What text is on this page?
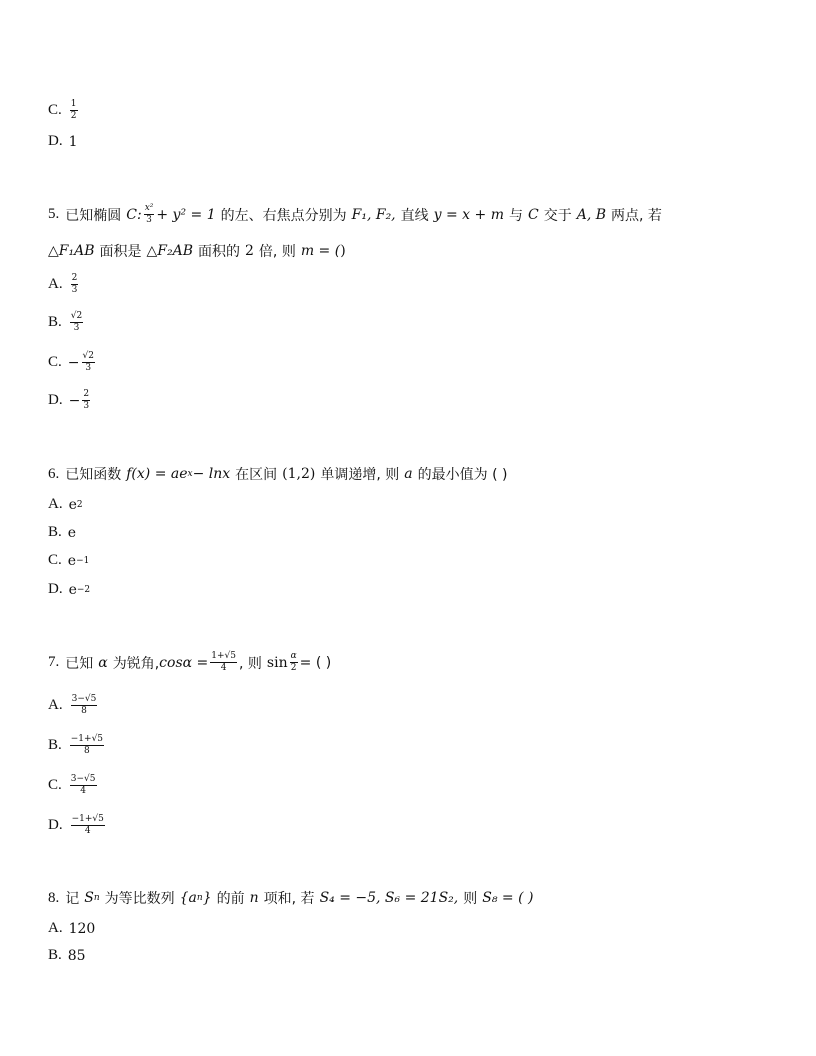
C. $\frac{1}{2}$
D. 1
5. 已知椭圆 C: $\frac{\text{x²}}{3} + y^2 = 1$ 的左、右焦点分别为 F₁, F₂, 直线 y = x + m 与 C 交于 A, B 两点, 若
△F₁AB 面积是 △F₂AB 面积的 2 倍, 则 m = ( )
A. $\frac{2}{3}$
B. $\frac{√2}{3}$
C. − $\frac{√2}{3}$
D. − $\frac{2}{3}$
6. 已知函数 f(x) = ae x − lnx 在区间 (1,2) 单调递增, 则 a 的最小值为 ( )
A. e 2
B. e
C. e −1
D. e −2
7. 已知 α 为锐角, $\cos\alpha = \frac{1+√5}{4}$ , 则 $\sin \frac{\alpha}{2}$ = ( )
A. $\frac{3-√5}{8}$
B. $\frac{-1+√5}{8}$
C. $\frac{3-√5}{4}$
D. $\frac{-1+√5}{4}$
8. 记 S n 为等比数列 {a n } 的前 n 项和, 若 S₄ = −5, S₆ = 21S₂, 则 S₈ = ( )
A. 120
B. 85
